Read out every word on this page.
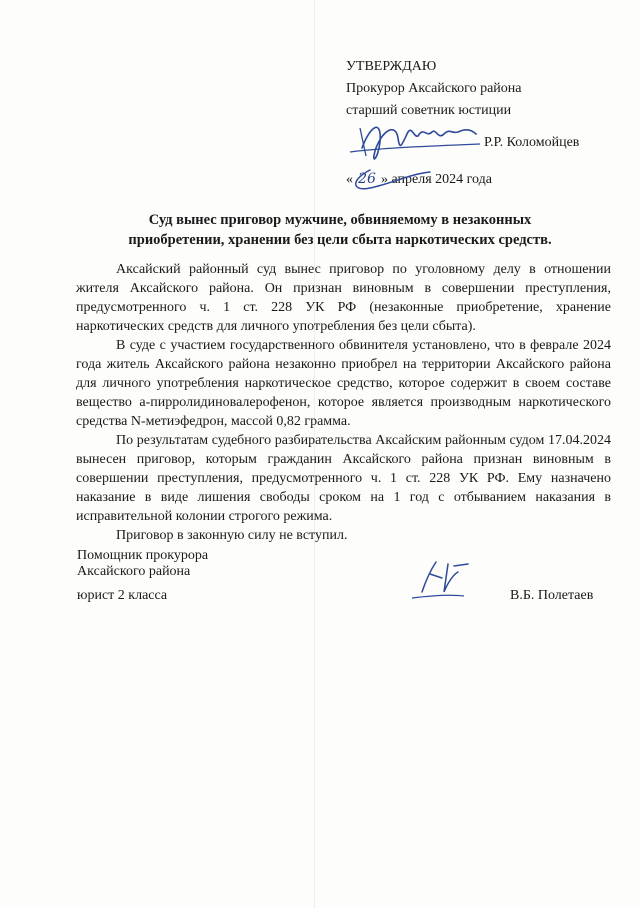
УТВЕРЖДАЮ
Прокурор Аксайского района
старший советник юстиции
Р.Р. Коломойцев
« 26 » апреля 2024 года
Суд вынес приговор мужчине, обвиняемому в незаконных
приобретении, хранении без цели сбыта наркотических средств.

Аксайский районный суд вынес приговор по уголовному делу в отношении жителя Аксайского района. Он признан виновным в совершении преступления, предусмотренного ч. 1 ст. 228 УК РФ (незаконные приобретение, хранение наркотических средств для личного употребления без цели сбыта).

В суде с участием государственного обвинителя установлено, что в феврале 2024 года житель Аксайского района незаконно приобрел на территории Аксайского района для личного употребления наркотическое средство, которое содержит в своем составе вещество а-пирролидиновалерофенон, которое является производным наркотического средства N-метиэфедрон, массой 0,82 грамма.

По результатам судебного разбирательства Аксайским районным судом 17.04.2024 вынесен приговор, которым гражданин Аксайского района признан виновным в совершении преступления, предусмотренного ч. 1 ст. 228 УК РФ. Ему назначено наказание в виде лишения свободы сроком на 1 год с отбыванием наказания в исправительной колонии строгого режима.

Приговор в законную силу не вступил.

Помощник прокурора
Аксайского района
юрист 2 класса	В.Б. Полетаев
